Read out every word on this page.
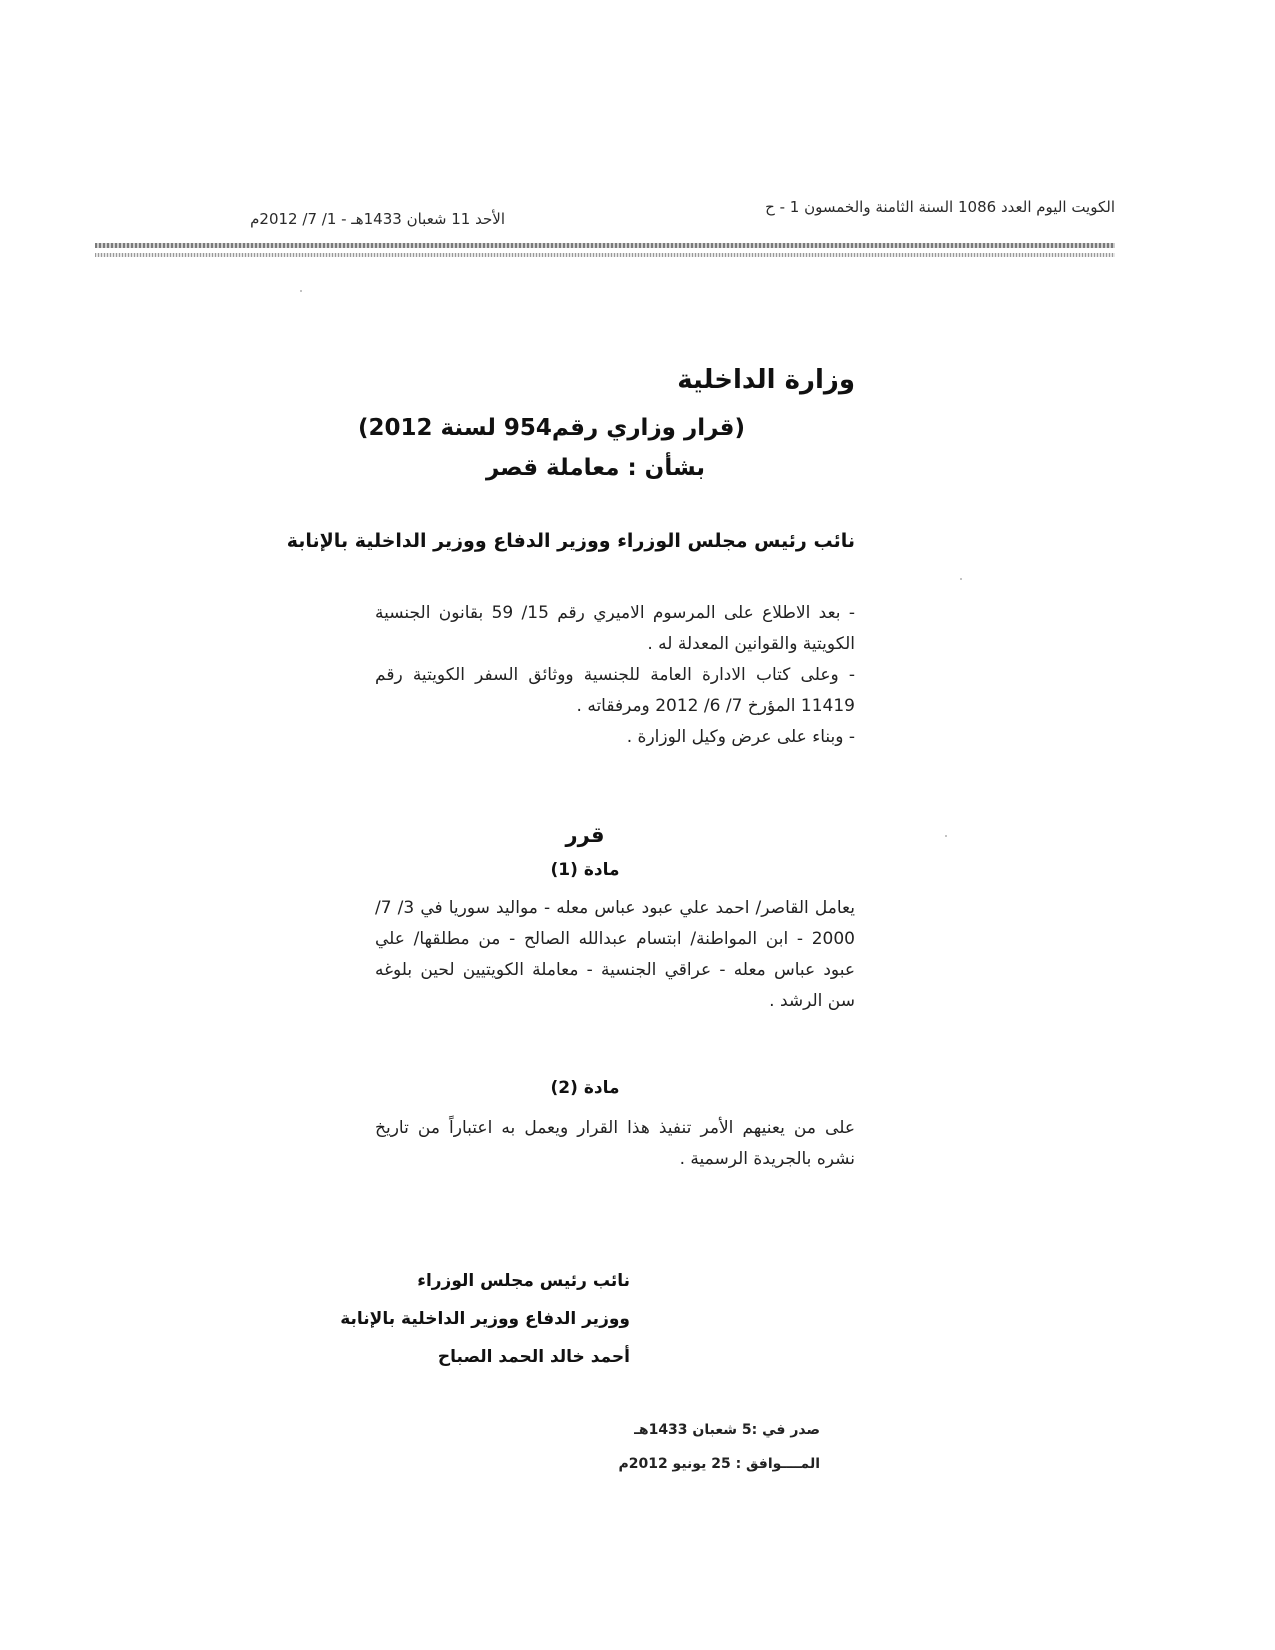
الكويت اليوم العدد 1086 السنة الثامنة والخمسون 1 - ح
الأحد 11 شعبان 1433هـ - 1/ 7/ 2012م
وزارة الداخلية
(قرار وزاري رقم954 لسنة 2012)
بشأن : معاملة قصر
نائب رئيس مجلس الوزراء ووزير الدفاع ووزير الداخلية بالإنابة

- بعد الاطلاع على المرسوم الاميري رقم 15/ 59 بقانون الجنسية الكويتية والقوانين المعدلة له .

- وعلى كتاب الادارة العامة للجنسية ووثائق السفر الكويتية رقم 11419 المؤرخ 7/ 6/ 2012 ومرفقاته .

- وبناء على عرض وكيل الوزارة .

قرر
مادة (1)
يعامل القاصر/ احمد علي عبود عباس معله - مواليد سوريا في 3/ 7/ 2000 - ابن المواطنة/ ابتسام عبدالله الصالح - من مطلقها/ علي عبود عباس معله - عراقي الجنسية - معاملة الكويتيين لحين بلوغه سن الرشد .
مادة (2)
على من يعنيهم الأمر تنفيذ هذا القرار ويعمل به اعتباراً من تاريخ نشره بالجريدة الرسمية .
نائب رئيس مجلس الوزراء
ووزير الدفاع ووزير الداخلية بالإنابة
أحمد خالد الحمد الصباح
صدر في :5 شعبان 1433هـ
المــــوافق : 25 يونيو 2012م
